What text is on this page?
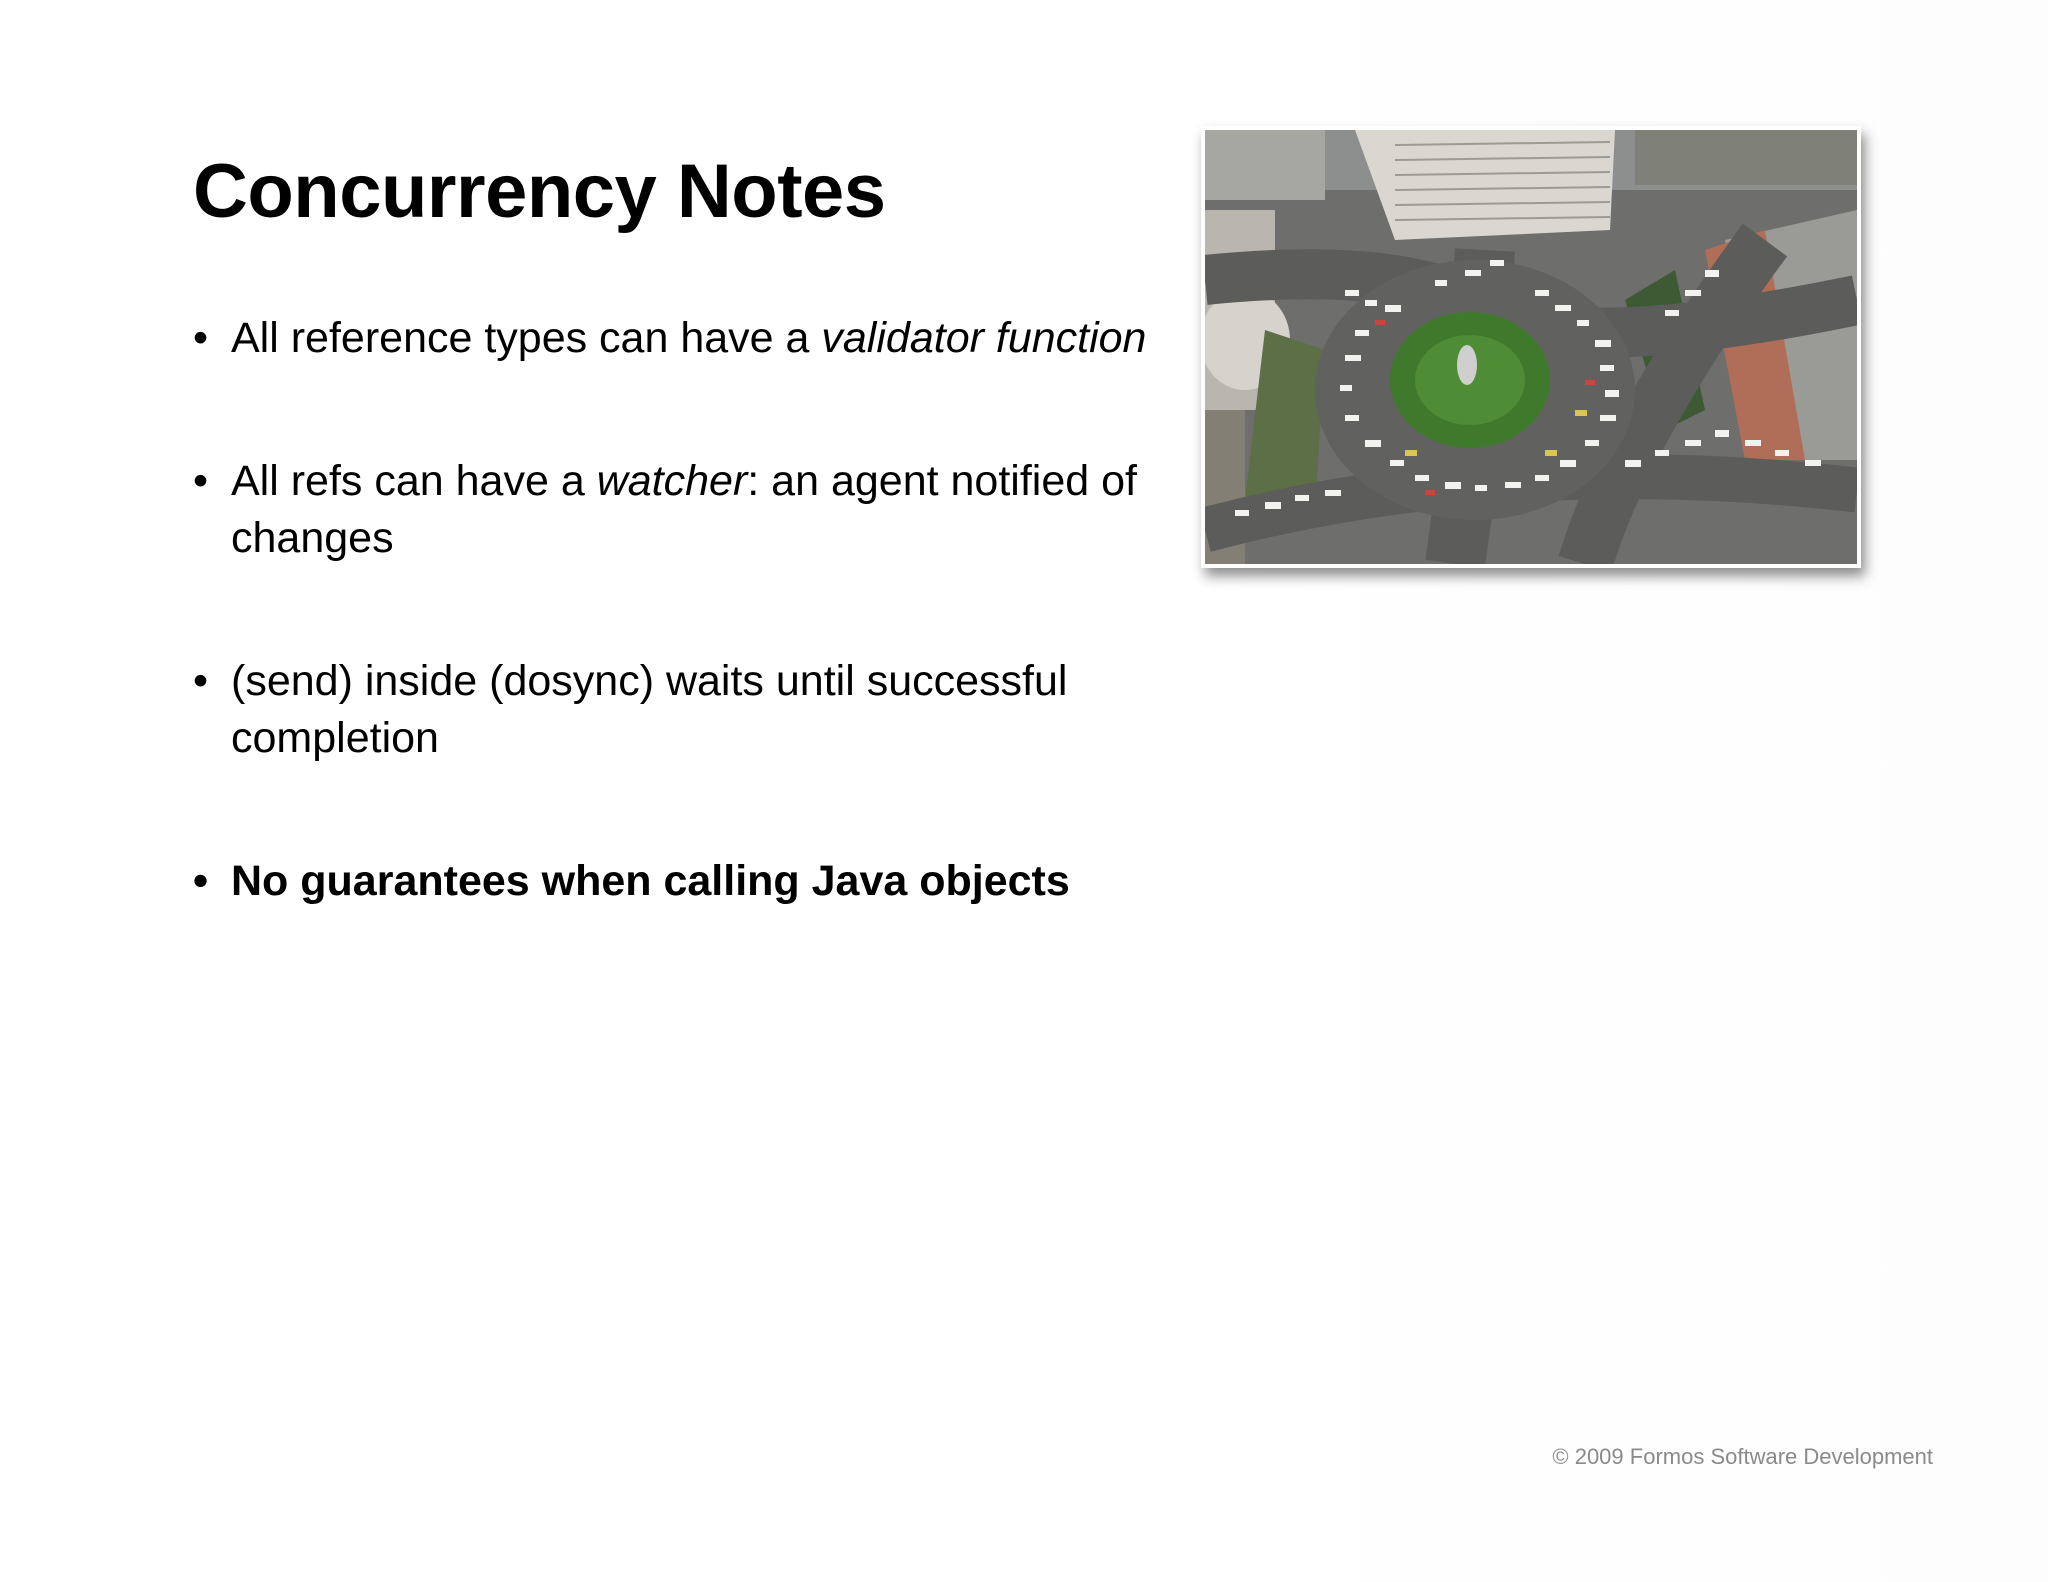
Concurrency Notes
• All reference types can have a validator function
• All refs can have a watcher: an agent notified of changes
• (send) inside (dosync) waits until successful completion
• No guarantees when calling Java objects
© 2009 Formos Software Development
